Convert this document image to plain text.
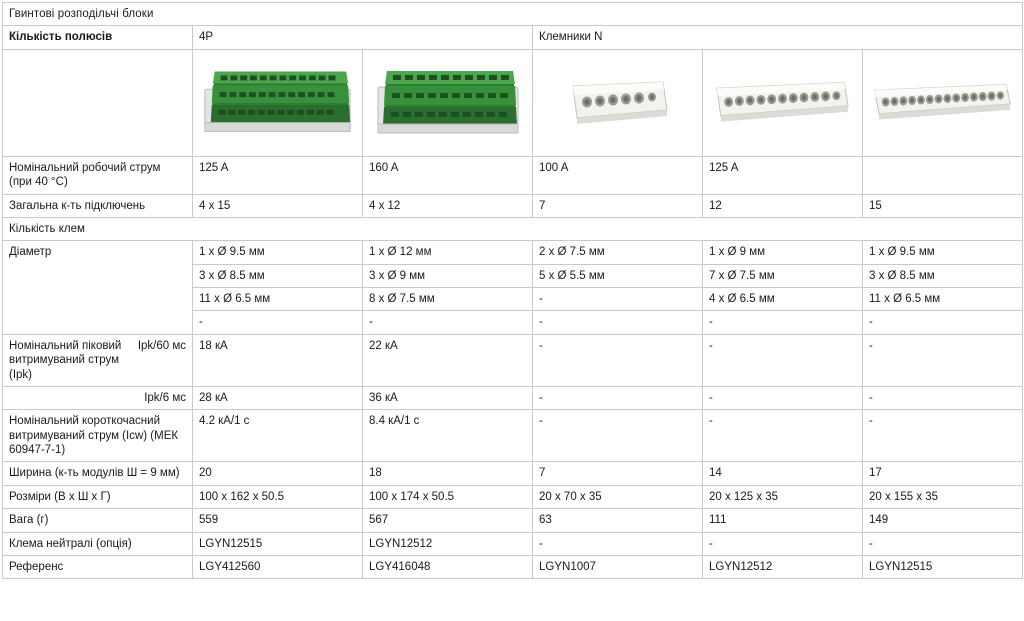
Гвинтові розподільчі блоки					
Кількість полюсів	4P		Клемники N		

Номінальний робочий струм (при 40 °C)	125 A	160 A	100 A	125 A	
Загальна к-ть підключень	4 x 15	4 x 12	7	12	15
Кількість клем					
Діаметр	1 x Ø 9.5 мм	1 x Ø 12 мм	2 x Ø 7.5 мм	1 x Ø 9 мм	1 x Ø 9.5 мм
	3 x Ø 8.5 мм	3 x Ø 9 мм	5 x Ø 5.5 мм	7 x Ø 7.5 мм	3 x Ø 8.5 мм
	11 x Ø 6.5 мм	8 x Ø 7.5 мм	-	4 x Ø 6.5 мм	11 x Ø 6.5 мм
	-	-	-	-	-

Номінальний піковий витримуваний струм (Ipk)
Ipk/60 мс	18 кА	22 кА	-	-	-
Ipk/6 мс	28 кА	36 кА	-	-	-
Номінальний короткочасний витримуваний струм (Icw) (МЕК 60947-7-1)	4.2 кА/1 с	8.4 кА/1 с	-	-	-
Ширина (к-ть модулів Ш = 9 мм)	20	18	7	14	17
Розміри (В x Ш x Г)	100 x 162 x 50.5	100 x 174 x 50.5	20 x 70 x 35	20 x 125 x 35	20 x 155 x 35
Вага (г)	559	567	63	111	149
Клема нейтралі (опція)	LGYN12515	LGYN12512	-	-	-
Референс	LGY412560	LGY416048	LGYN1007	LGYN12512	LGYN12515
